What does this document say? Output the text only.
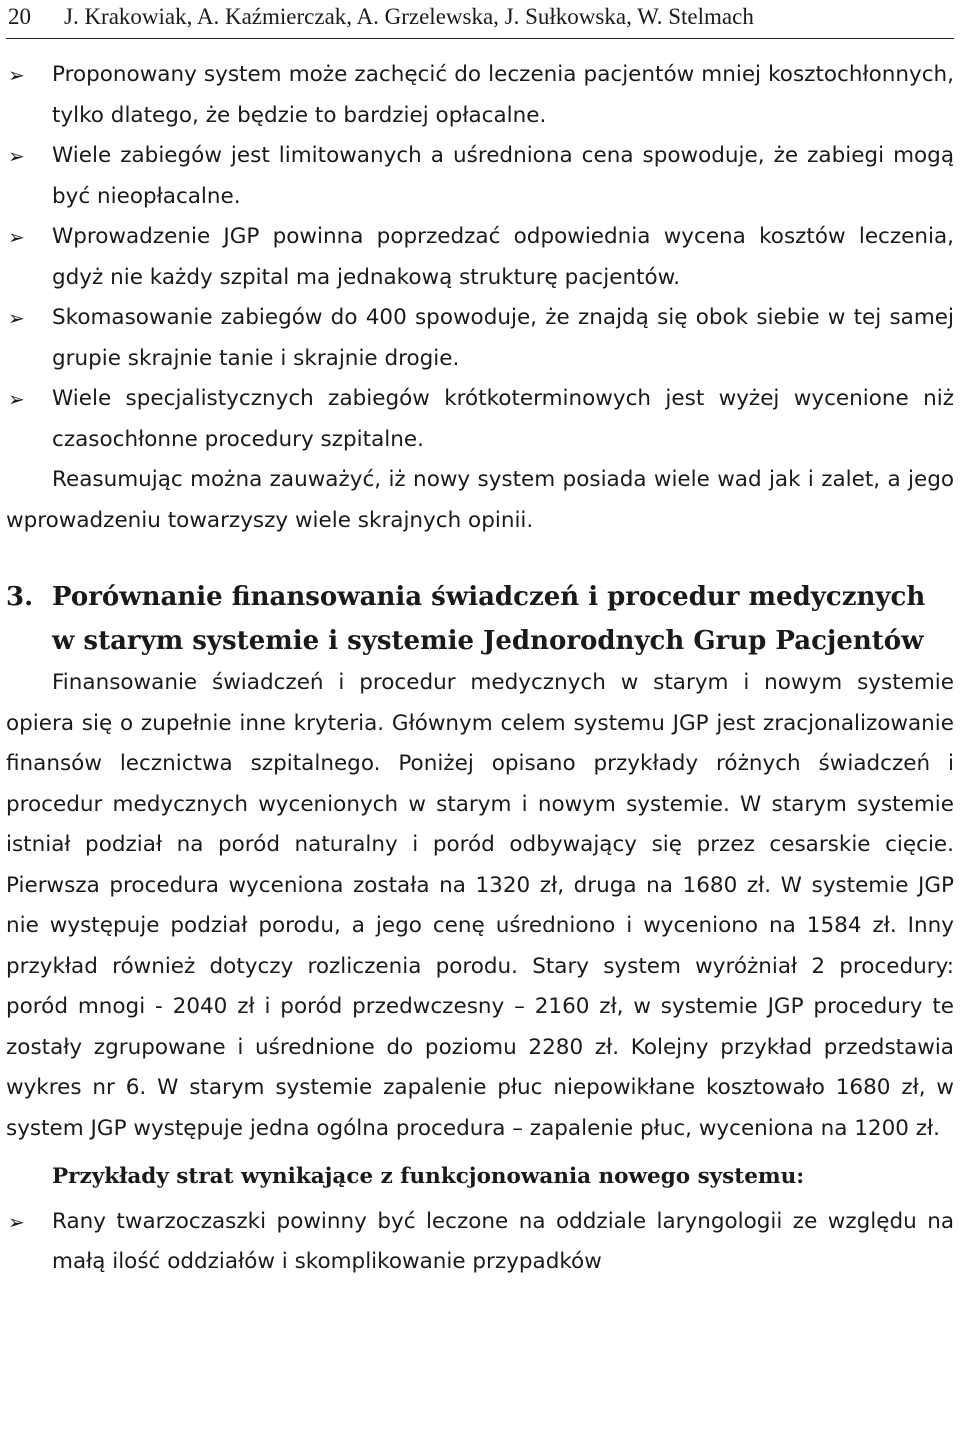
20	J. Krakowiak, A. Kaźmierczak, A. Grzelewska, J. Sułkowska, W. Stelmach
➢ Proponowany system może zachęcić do leczenia pacjentów mniej kosztochłonnych, tylko dlatego, że będzie to bardziej opłacalne.
➢ Wiele zabiegów jest limitowanych a uśredniona cena spowoduje, że zabiegi mogą być nieopłacalne.
➢ Wprowadzenie JGP powinna poprzedzać odpowiednia wycena kosztów leczenia, gdyż nie każdy szpital ma jednakową strukturę pacjentów.
➢ Skomasowanie zabiegów do 400 spowoduje, że znajdą się obok siebie w tej samej grupie skrajnie tanie i skrajnie drogie.
➢ Wiele specjalistycznych zabiegów krótkoterminowych jest wyżej wycenione niż czasochłonne procedury szpitalne.

Reasumując można zauważyć, iż nowy system posiada wiele wad jak i zalet, a jego wprowadzeniu towarzyszy wiele skrajnych opinii.

3. Porównanie finansowania świadczeń i procedur medycznych w starym systemie i systemie Jednorodnych Grup Pacjentów

Finansowanie świadczeń i procedur medycznych w starym i nowym systemie opiera się o zupełnie inne kryteria. Głównym celem systemu JGP jest zracjonalizowanie finansów lecznictwa szpitalnego. Poniżej opisano przykłady różnych świadczeń i procedur medycznych wycenionych w starym i nowym systemie. W starym systemie istniał podział na poród naturalny i poród odbywający się przez cesarskie cięcie. Pierwsza procedura wyceniona została na 1320 zł, druga na 1680 zł. W systemie JGP nie występuje podział porodu, a jego cenę uśredniono i wyceniono na 1584 zł. Inny przykład również dotyczy rozliczenia porodu. Stary system wyróżniał 2 procedury: poród mnogi - 2040 zł i poród przedwczesny – 2160 zł, w systemie JGP procedury te zostały zgrupowane i uśrednione do poziomu 2280 zł. Kolejny przykład przedstawia wykres nr 6. W starym systemie zapalenie płuc niepowikłane kosztowało 1680 zł, w system JGP występuje jedna ogólna procedura – zapalenie płuc, wyceniona na 1200 zł.

Przykłady strat wynikające z funkcjonowania nowego systemu:
➢ Rany twarzoczaszki powinny być leczone na oddziale laryngologii ze względu na małą ilość oddziałów i skomplikowanie przypadków
